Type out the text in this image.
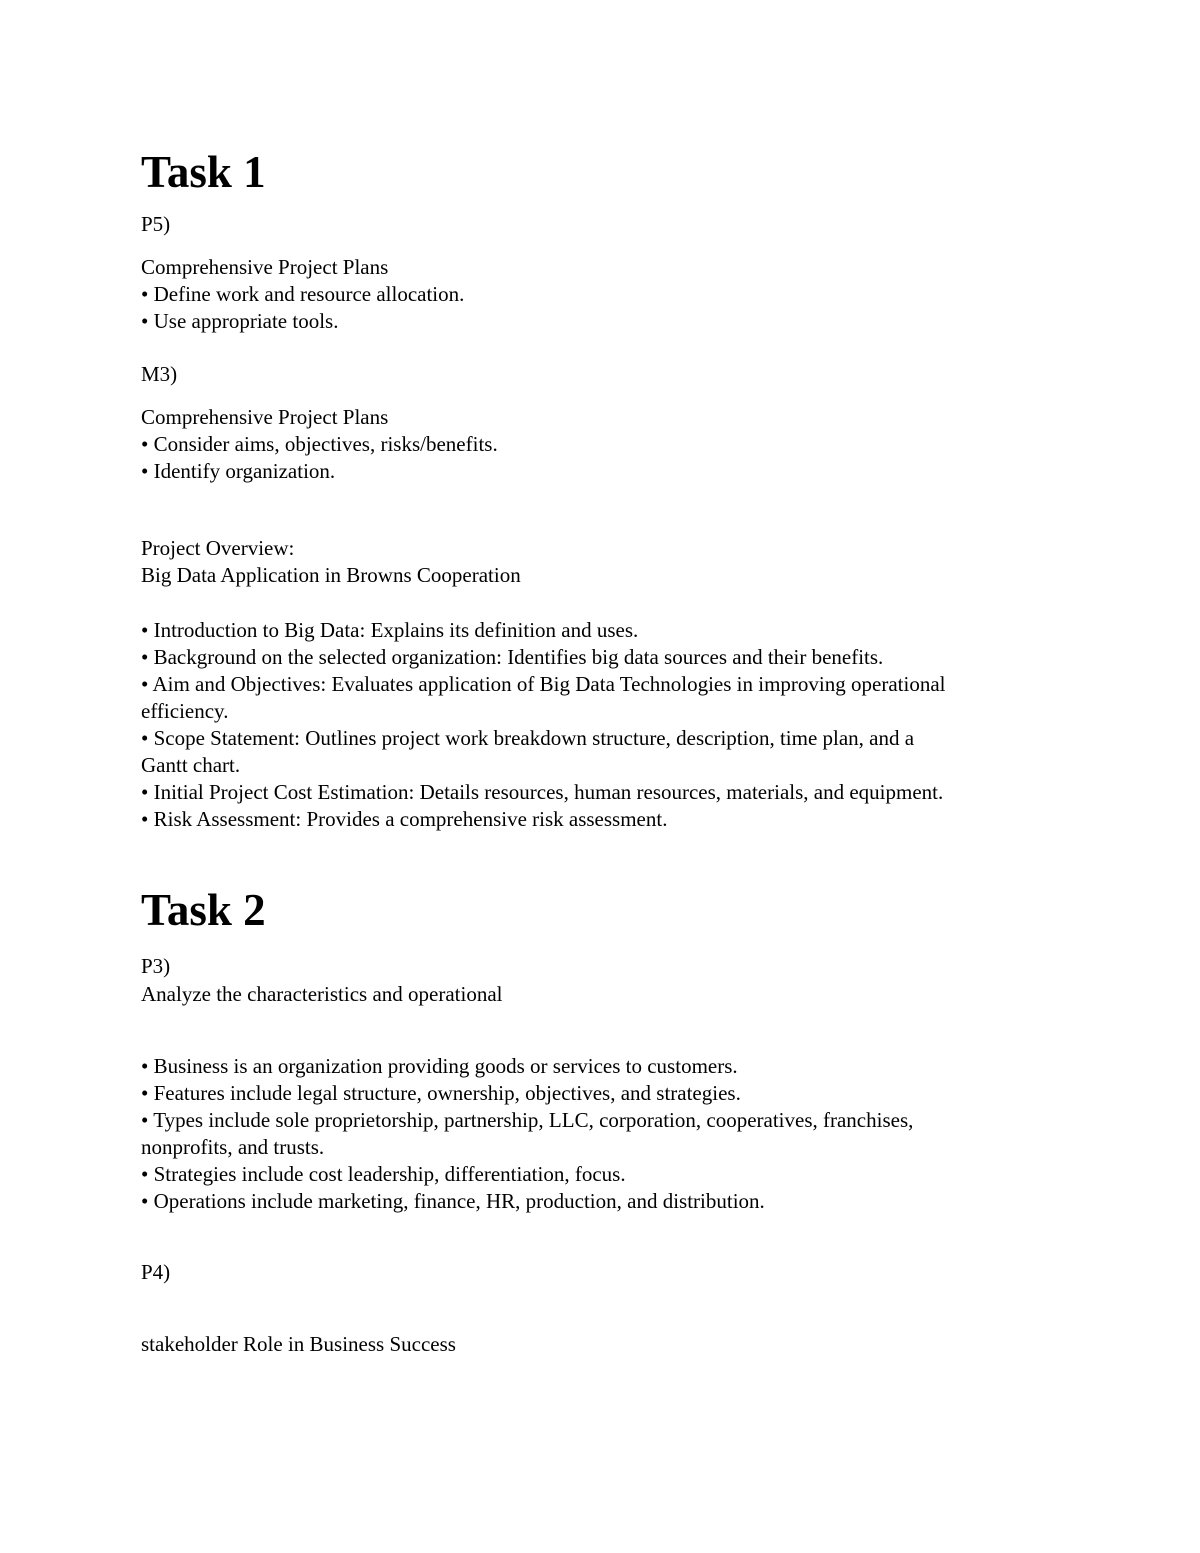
Task 1
P5)
Comprehensive Project Plans
• Define work and resource allocation.
• Use appropriate tools.
M3)
Comprehensive Project Plans
• Consider aims, objectives, risks/benefits.
• Identify organization.
Project Overview:
Big Data Application in Browns Cooperation
• Introduction to Big Data: Explains its definition and uses.
• Background on the selected organization: Identifies big data sources and their benefits.
• Aim and Objectives: Evaluates application of Big Data Technologies in improving operational
efficiency.
• Scope Statement: Outlines project work breakdown structure, description, time plan, and a
Gantt chart.
• Initial Project Cost Estimation: Details resources, human resources, materials, and equipment.
• Risk Assessment: Provides a comprehensive risk assessment.
Task 2
P3)
Analyze the characteristics and operational
• Business is an organization providing goods or services to customers.
• Features include legal structure, ownership, objectives, and strategies.
• Types include sole proprietorship, partnership, LLC, corporation, cooperatives, franchises,
nonprofits, and trusts.
• Strategies include cost leadership, differentiation, focus.
• Operations include marketing, finance, HR, production, and distribution.
P4)
stakeholder Role in Business Success
